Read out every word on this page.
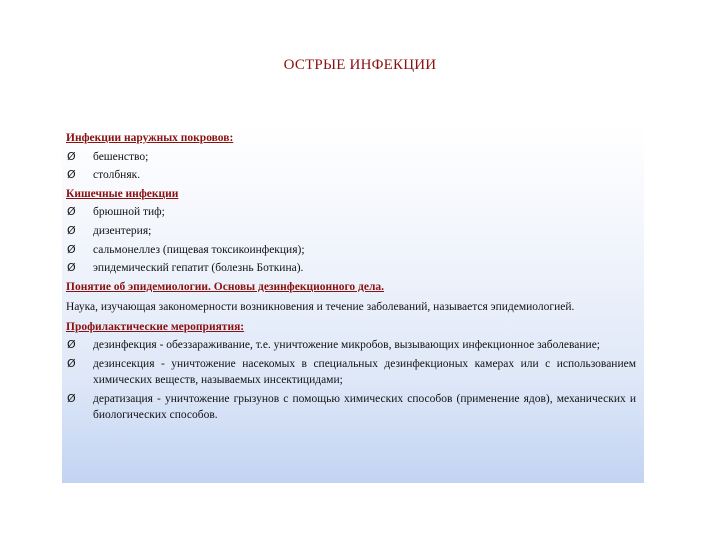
ОСТРЫЕ ИНФЕКЦИИ
Инфекции наружных покровов:
Ø бешенство;
Ø столбняк.
Кишечные инфекции
Ø брюшной тиф;
Ø дизентерия;
Ø сальмонеллез (пищевая токсикоинфекция);
Ø эпидемический гепатит (болезнь Боткина).
Понятие об эпидемиологии. Основы дезинфекционного дела.
Наука, изучающая закономерности возникновения и течение заболеваний, называется эпидемиологией.
Профилактические мероприятия:
Ø дезинфекция - обеззараживание, т.е. уничтожение микробов, вызывающих инфекционное заболевание;
Ø дезинсекция - уничтожение насекомых в специальных дезинфекционых камерах или с использованием химических веществ, называемых инсектицидами;
Ø дератизация - уничтожение грызунов с помощью химических способов (применение ядов), механических и биологических способов.
